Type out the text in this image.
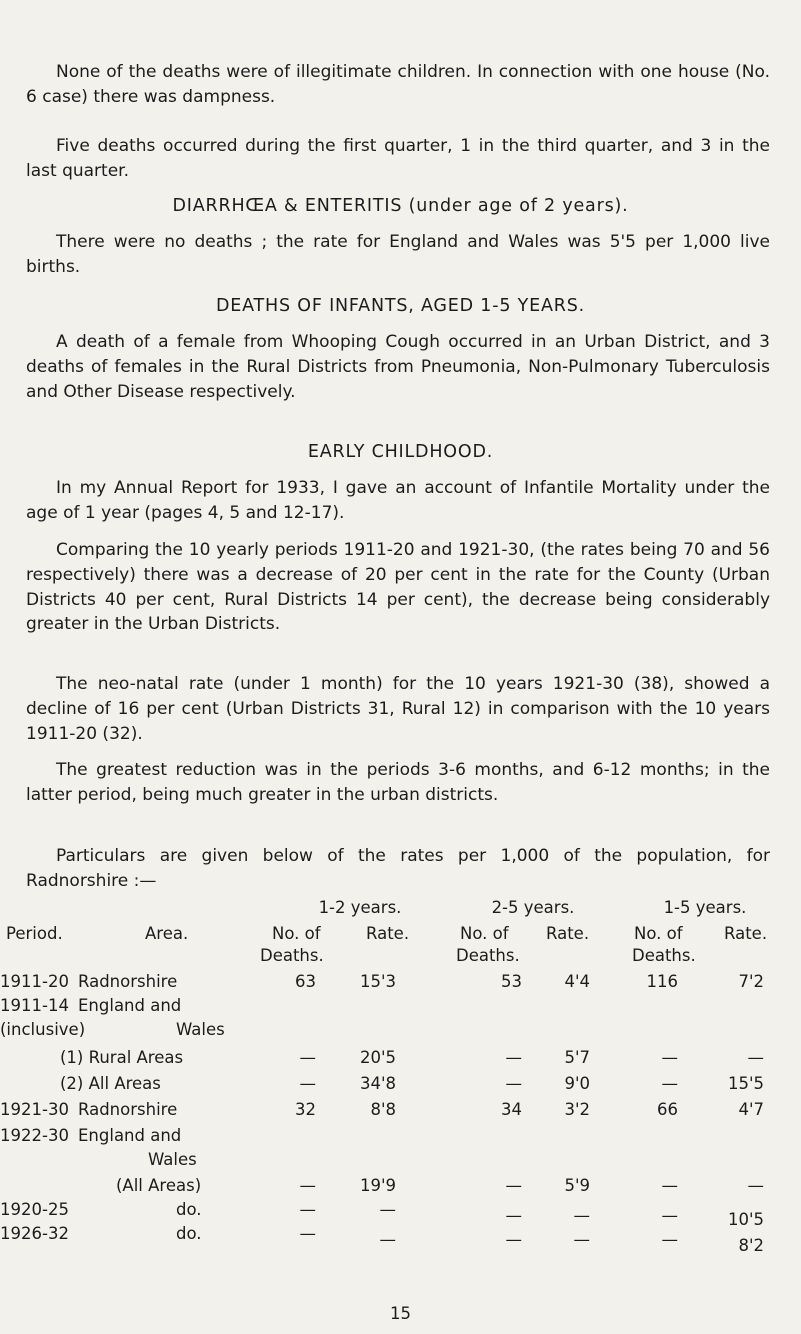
None of the deaths were of illegitimate children. In connection with one house (No. 6 case) there was dampness.

Five deaths occurred during the first quarter, 1 in the third quarter, and 3 in the last quarter.

DIARRHŒA & ENTERITIS (under age of 2 years).

There were no deaths ; the rate for England and Wales was 5'5 per 1,000 live births.

DEATHS OF INFANTS, AGED 1-5 YEARS.

A death of a female from Whooping Cough occurred in an Urban District, and 3 deaths of females in the Rural Districts from Pneumonia, Non-Pulmonary Tuberculosis and Other Disease respectively.

EARLY CHILDHOOD.

In my Annual Report for 1933, I gave an account of Infantile Mortality under the age of 1 year (pages 4, 5 and 12-17).

Comparing the 10 yearly periods 1911-20 and 1921-30, (the rates being 70 and 56 respectively) there was a decrease of 20 per cent in the rate for the County (Urban Districts 40 per cent, Rural Districts 14 per cent), the decrease being considerably greater in the Urban Districts.

The neo-natal rate (under 1 month) for the 10 years 1921-30 (38), showed a decline of 16 per cent (Urban Districts 31, Rural 12) in comparison with the 10 years 1911-20 (32).

The greatest reduction was in the periods 3-6 months, and 6-12 months; in the latter period, being much greater in the urban districts.

Particulars are given below of the rates per 1,000 of the population, for Radnorshire :—

1-2 years.	2-5 years.	1-5 years.
Period.	Area.	No. of	Rate.	No. of Rate.	No. of	Rate.
Deaths.	Deaths.	Deaths.
1911-20 Radnorshire	63	15'3	53	4'4	116	7'2
1911-14 England and
(inclusive)	Wales
(1) Rural Areas	—	20'5	—	5'7	—	—
(2) All Areas	—	34'8	—	9'0	—	15'5
1921-30 Radnorshire	32	8'8	34	3'2	66	4'7
1922-30 England and
Wales
(All Areas)	—	19'9	—	5'9	—	—
1920-25	do.	—	—	—	—	—	10'5
1926-32	do.	—	—	—	—	—	8'2
15
